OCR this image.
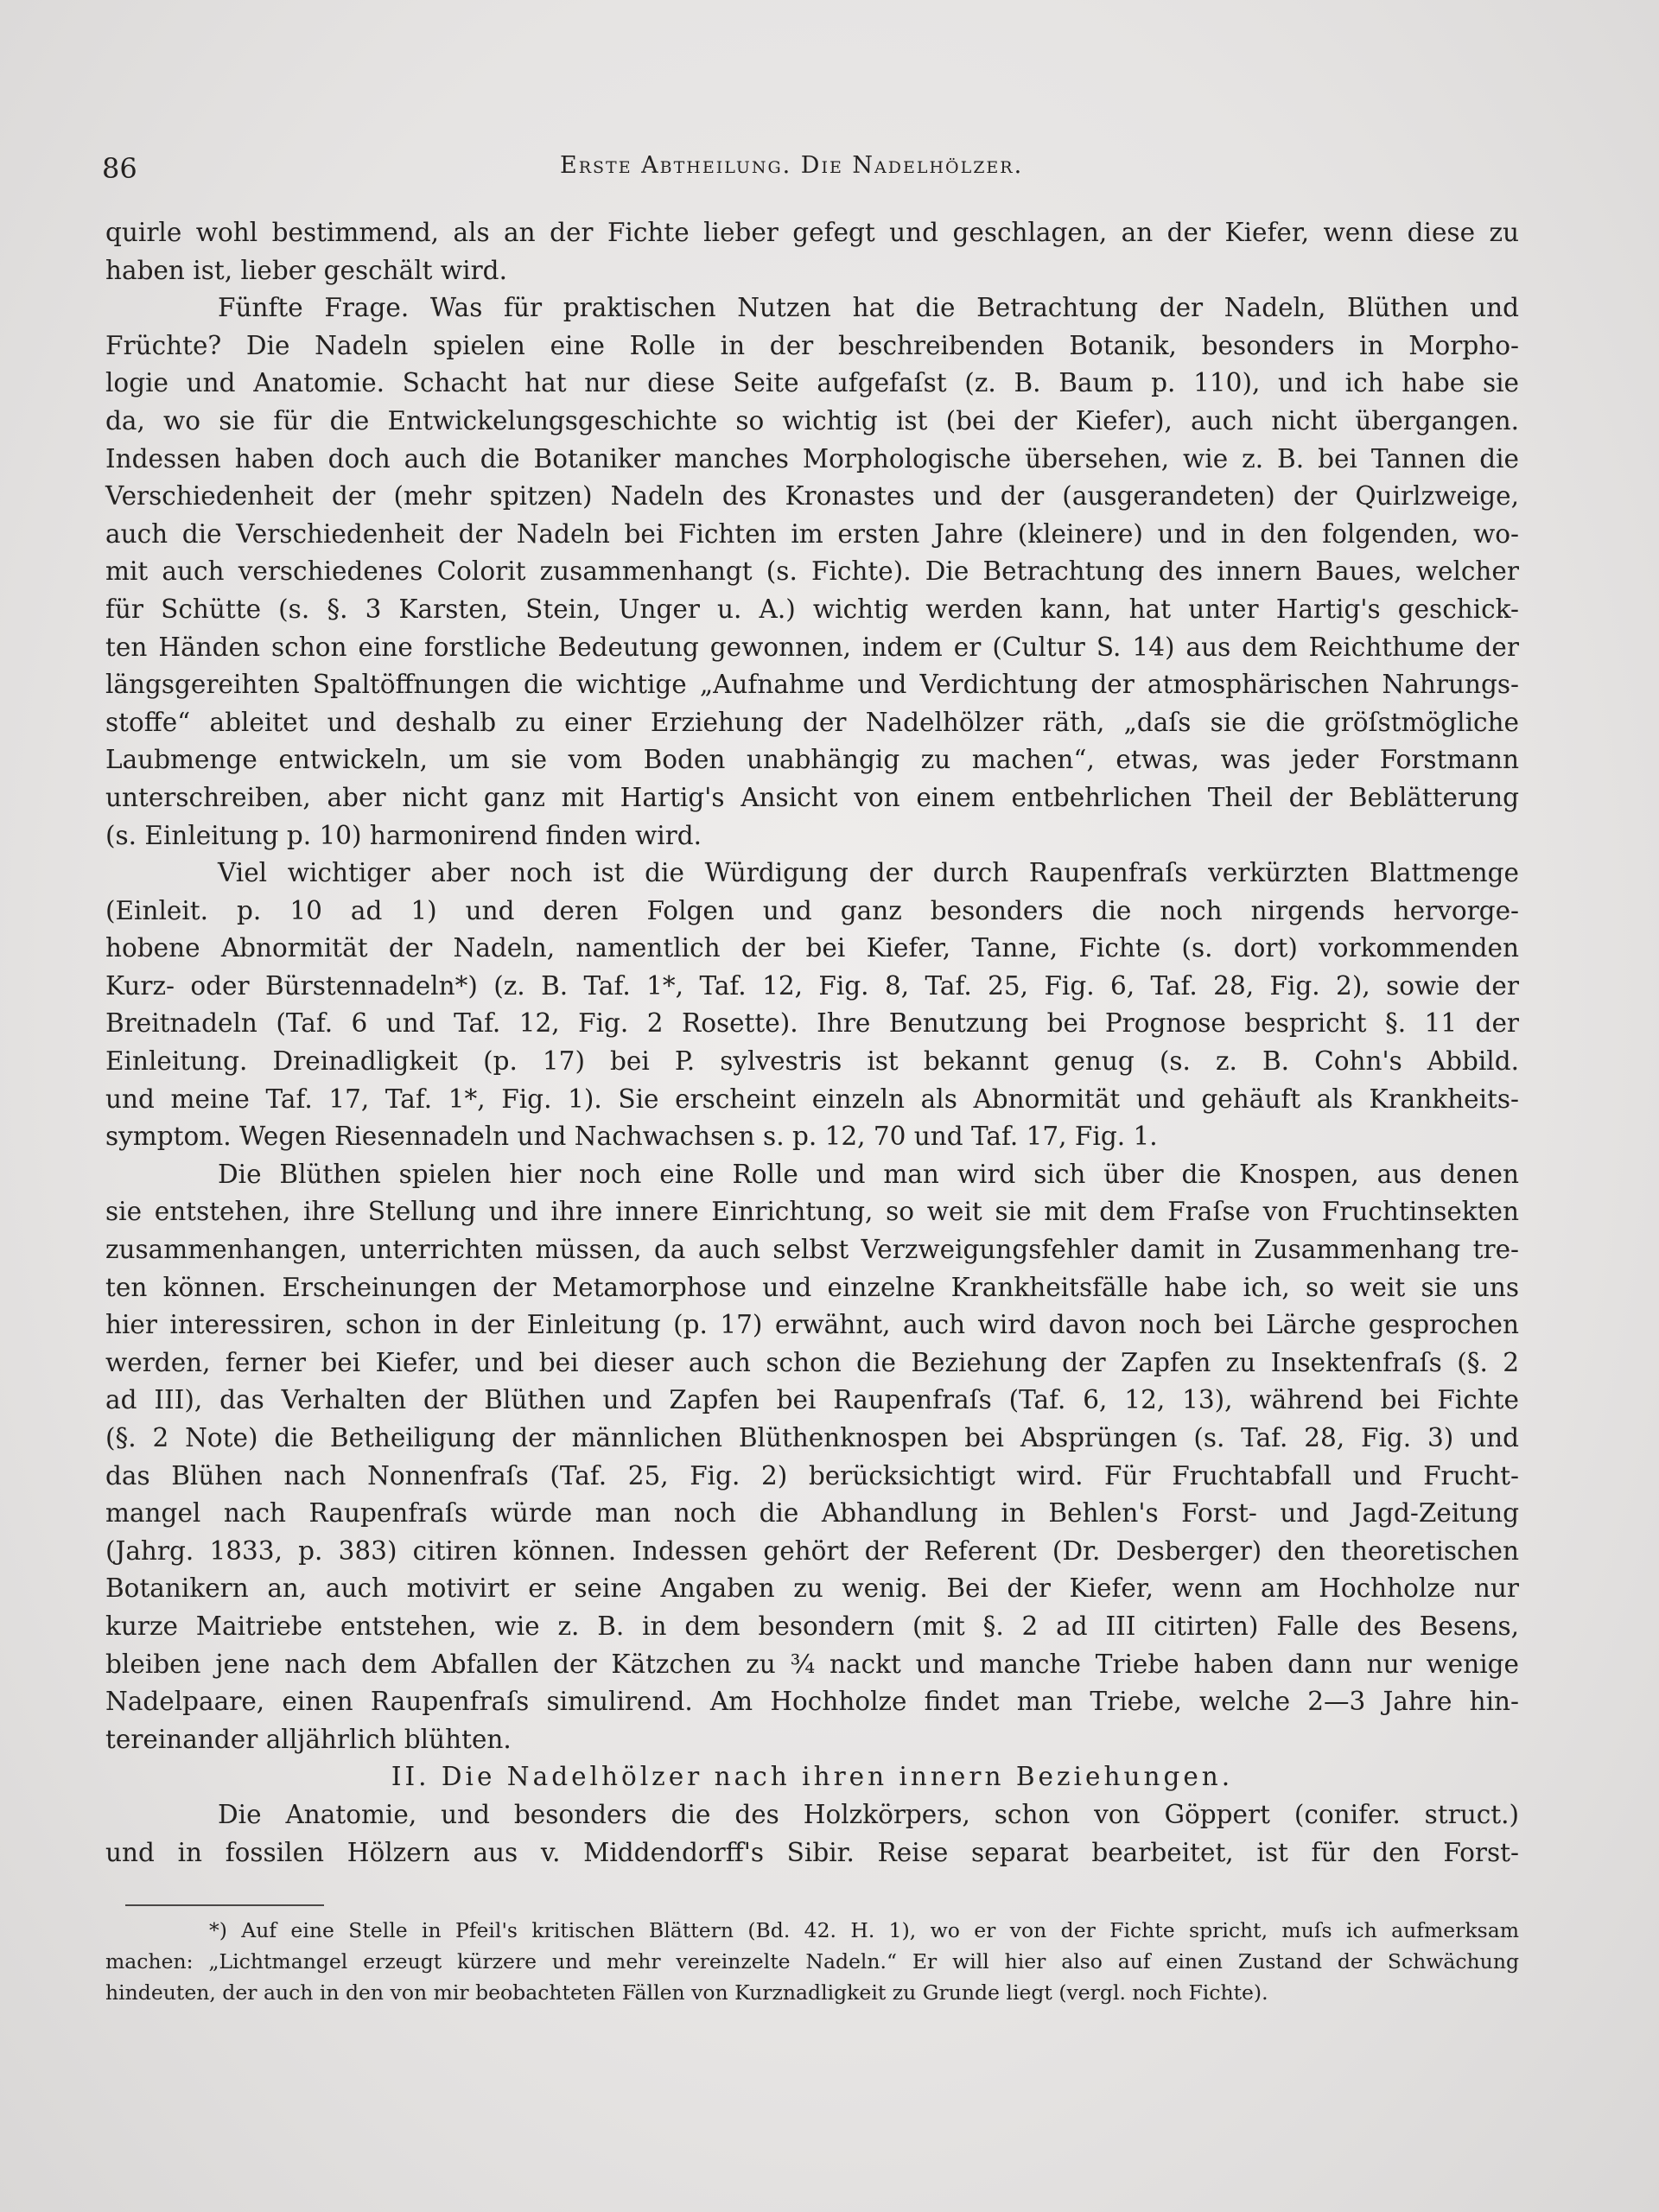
86	Erste Abtheilung. Die Nadelhölzer.
quirle wohl bestimmend, als an der Fichte lieber gefegt und geschlagen, an der Kiefer, wenn diese zu
haben ist, lieber geschält wird.
Fünfte Frage. Was für praktischen Nutzen hat die Betrachtung der Nadeln, Blüthen und
Früchte? Die Nadeln spielen eine Rolle in der beschreibenden Botanik, besonders in Morpho-
logie und Anatomie. Schacht hat nur diese Seite aufgefaſst (z. B. Baum p. 110), und ich habe sie
da, wo sie für die Entwickelungsgeschichte so wichtig ist (bei der Kiefer), auch nicht übergangen.
Indessen haben doch auch die Botaniker manches Morphologische übersehen, wie z. B. bei Tannen die
Verschiedenheit der (mehr spitzen) Nadeln des Kronastes und der (ausgerandeten) der Quirlzweige,
auch die Verschiedenheit der Nadeln bei Fichten im ersten Jahre (kleinere) und in den folgenden, wo-
mit auch verschiedenes Colorit zusammenhangt (s. Fichte). Die Betrachtung des innern Baues, welcher
für Schütte (s. §. 3 Karsten, Stein, Unger u. A.) wichtig werden kann, hat unter Hartig's geschick-
ten Händen schon eine forstliche Bedeutung gewonnen, indem er (Cultur S. 14) aus dem Reichthume der
längsgereihten Spaltöffnungen die wichtige „Aufnahme und Verdichtung der atmosphärischen Nahrungs-
stoffe“ ableitet und deshalb zu einer Erziehung der Nadelhölzer räth, „daſs sie die gröſstmögliche
Laubmenge entwickeln, um sie vom Boden unabhängig zu machen“, etwas, was jeder Forstmann
unterschreiben, aber nicht ganz mit Hartig's Ansicht von einem entbehrlichen Theil der Beblätterung
(s. Einleitung p. 10) harmonirend finden wird.
Viel wichtiger aber noch ist die Würdigung der durch Raupenfraſs verkürzten Blattmenge
(Einleit. p. 10 ad 1) und deren Folgen und ganz besonders die noch nirgends hervorge-
hobene Abnormität der Nadeln, namentlich der bei Kiefer, Tanne, Fichte (s. dort) vorkommenden
Kurz- oder Bürstennadeln*) (z. B. Taf. 1*, Taf. 12, Fig. 8, Taf. 25, Fig. 6, Taf. 28, Fig. 2), sowie der
Breitnadeln (Taf. 6 und Taf. 12, Fig. 2 Rosette). Ihre Benutzung bei Prognose bespricht §. 11 der
Einleitung. Dreinadligkeit (p. 17) bei P. sylvestris ist bekannt genug (s. z. B. Cohn's Abbild.
und meine Taf. 17, Taf. 1*, Fig. 1). Sie erscheint einzeln als Abnormität und gehäuft als Krankheits-
symptom. Wegen Riesennadeln und Nachwachsen s. p. 12, 70 und Taf. 17, Fig. 1.
Die Blüthen spielen hier noch eine Rolle und man wird sich über die Knospen, aus denen
sie entstehen, ihre Stellung und ihre innere Einrichtung, so weit sie mit dem Fraſse von Fruchtinsekten
zusammenhangen, unterrichten müssen, da auch selbst Verzweigungsfehler damit in Zusammenhang tre-
ten können. Erscheinungen der Metamorphose und einzelne Krankheitsfälle habe ich, so weit sie uns
hier interessiren, schon in der Einleitung (p. 17) erwähnt, auch wird davon noch bei Lärche gesprochen
werden, ferner bei Kiefer, und bei dieser auch schon die Beziehung der Zapfen zu Insektenfraſs (§. 2
ad III), das Verhalten der Blüthen und Zapfen bei Raupenfraſs (Taf. 6, 12, 13), während bei Fichte
(§. 2 Note) die Betheiligung der männlichen Blüthenknospen bei Absprüngen (s. Taf. 28, Fig. 3) und
das Blühen nach Nonnenfraſs (Taf. 25, Fig. 2) berücksichtigt wird. Für Fruchtabfall und Frucht-
mangel nach Raupenfraſs würde man noch die Abhandlung in Behlen's Forst- und Jagd-Zeitung
(Jahrg. 1833, p. 383) citiren können. Indessen gehört der Referent (Dr. Desberger) den theoretischen
Botanikern an, auch motivirt er seine Angaben zu wenig. Bei der Kiefer, wenn am Hochholze nur
kurze Maitriebe entstehen, wie z. B. in dem besondern (mit §. 2 ad III citirten) Falle des Besens,
bleiben jene nach dem Abfallen der Kätzchen zu ¾ nackt und manche Triebe haben dann nur wenige
Nadelpaare, einen Raupenfraſs simulirend. Am Hochholze findet man Triebe, welche 2—3 Jahre hin-
tereinander alljährlich blühten.
II. Die Nadelhölzer nach ihren innern Beziehungen.
Die Anatomie, und besonders die des Holzkörpers, schon von Göppert (conifer. struct.)
und in fossilen Hölzern aus v. Middendorff's Sibir. Reise separat bearbeitet, ist für den Forst-
*) Auf eine Stelle in Pfeil's kritischen Blättern (Bd. 42. H. 1), wo er von der Fichte spricht, muſs ich aufmerksam
machen: „Lichtmangel erzeugt kürzere und mehr vereinzelte Nadeln.“ Er will hier also auf einen Zustand der Schwächung
hindeuten, der auch in den von mir beobachteten Fällen von Kurznadligkeit zu Grunde liegt (vergl. noch Fichte).
